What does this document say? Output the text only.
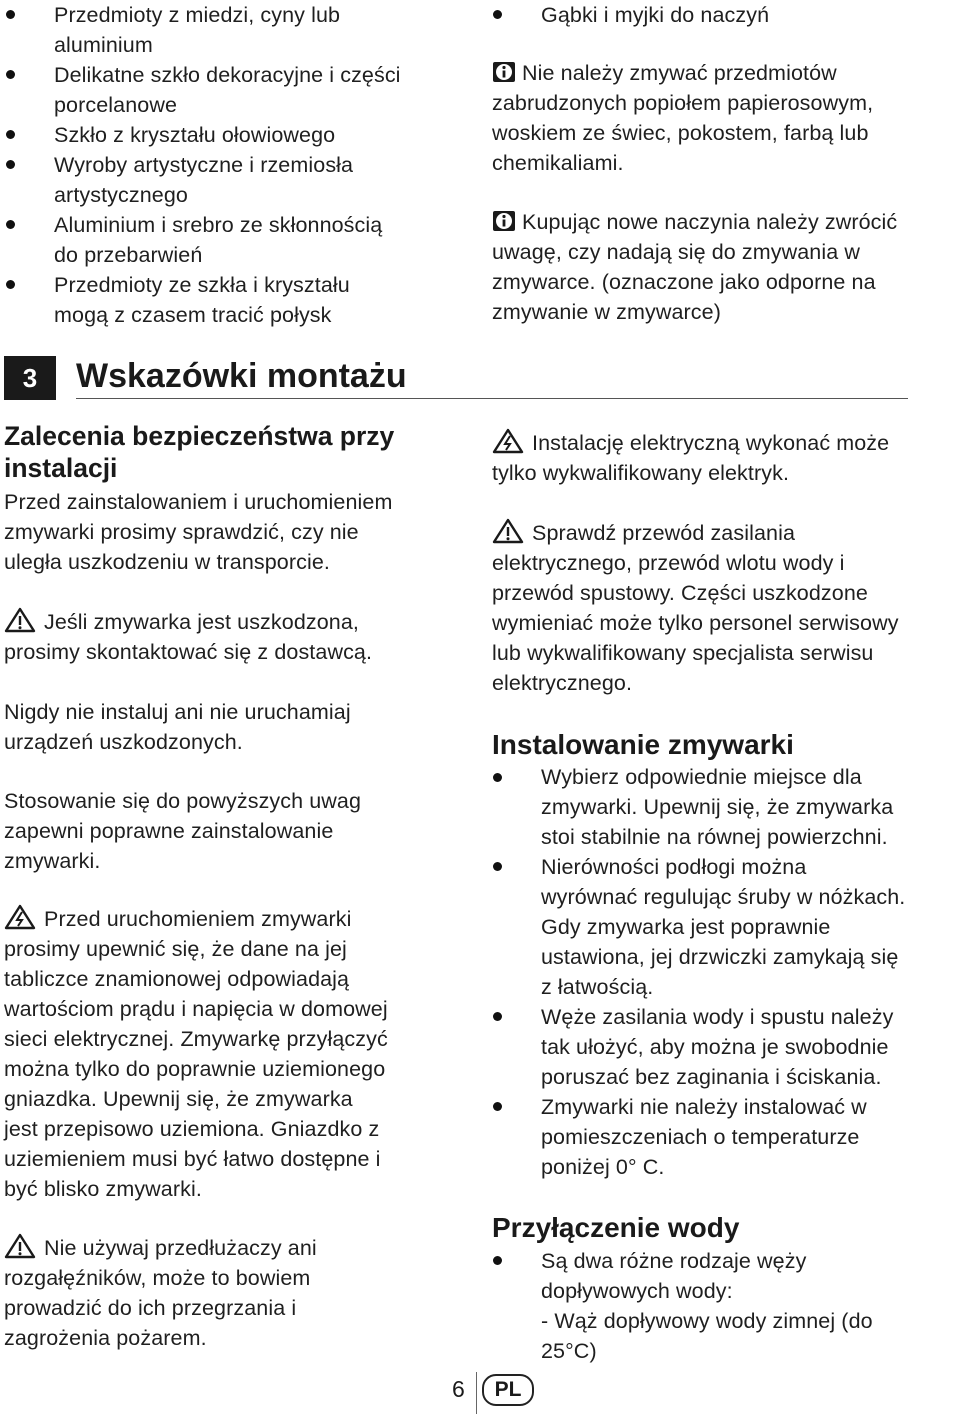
Przedmioty z miedzi, cyny lub

aluminium

Delikatne szkło dekoracyjne i części

porcelanowe

Szkło z kryształu ołowiowego

Wyroby artystyczne i rzemiosła

artystycznego

Aluminium i srebro ze skłonnością

do przebarwień

Przedmioty ze szkła i kryształu

mogą z czasem tracić połysk

Gąbki i myjki do naczyń

Nie należy zmywać przedmiotów

zabrudzonych popiołem papierosowym,

woskiem ze świec, pokostem, farbą lub

chemikaliami.

Kupując nowe naczynia należy zwrócić

uwagę, czy nadają się do zmywania w

zmywarce. (oznaczone jako odporne na

zmywanie w zmywarce)

3	Wskazówki montażu
Zalecenia bezpieczeństwa przy
instalacji

Przed zainstalowaniem i uruchomieniem

zmywarki prosimy sprawdzić, czy nie

uległa uszkodzeniu w transporcie.

Jeśli zmywarka jest uszkodzona,

prosimy skontaktować się z dostawcą.

Nigdy nie instaluj ani nie uruchamiaj

urządzeń uszkodzonych.

Stosowanie się do powyższych uwag

zapewni poprawne zainstalowanie

zmywarki.

Przed uruchomieniem zmywarki

prosimy upewnić się, że dane na jej

tabliczce znamionowej odpowiadają

wartościom prądu i napięcia w domowej

sieci elektrycznej. Zmywarkę przyłączyć

można tylko do poprawnie uziemionego

gniazdka. Upewnij się, że zmywarka

jest przepisowo uziemiona. Gniazdko z

uziemieniem musi być łatwo dostępne i

być blisko zmywarki.

Nie używaj przedłużaczy ani

rozgałęźników, może to bowiem

prowadzić do ich przegrzania i

zagrożenia pożarem.

Instalację elektryczną wykonać może

tylko wykwalifikowany elektryk.

Sprawdź przewód zasilania

elektrycznego, przewód wlotu wody i

przewód spustowy. Części uszkodzone

wymieniać może tylko personel serwisowy

lub wykwalifikowany specjalista serwisu

elektrycznego.

Instalowanie zmywarki

Wybierz odpowiednie miejsce dla

zmywarki. Upewnij się, że zmywarka

stoi stabilnie na równej powierzchni.

Nierówności podłogi można

wyrównać regulując śruby w nóżkach.

Gdy zmywarka jest poprawnie

ustawiona, jej drzwiczki zamykają się

z łatwością.

Węże zasilania wody i spustu należy

tak ułożyć, aby można je swobodnie

poruszać bez zaginania i ściskania.

Zmywarki nie należy instalować w

pomieszczeniach o temperaturze

poniżej 0° C.

Przyłączenie wody

Są dwa różne rodzaje węży

dopływowych wody:

- Wąż dopływowy wody zimnej (do

25°C)

6	PL
